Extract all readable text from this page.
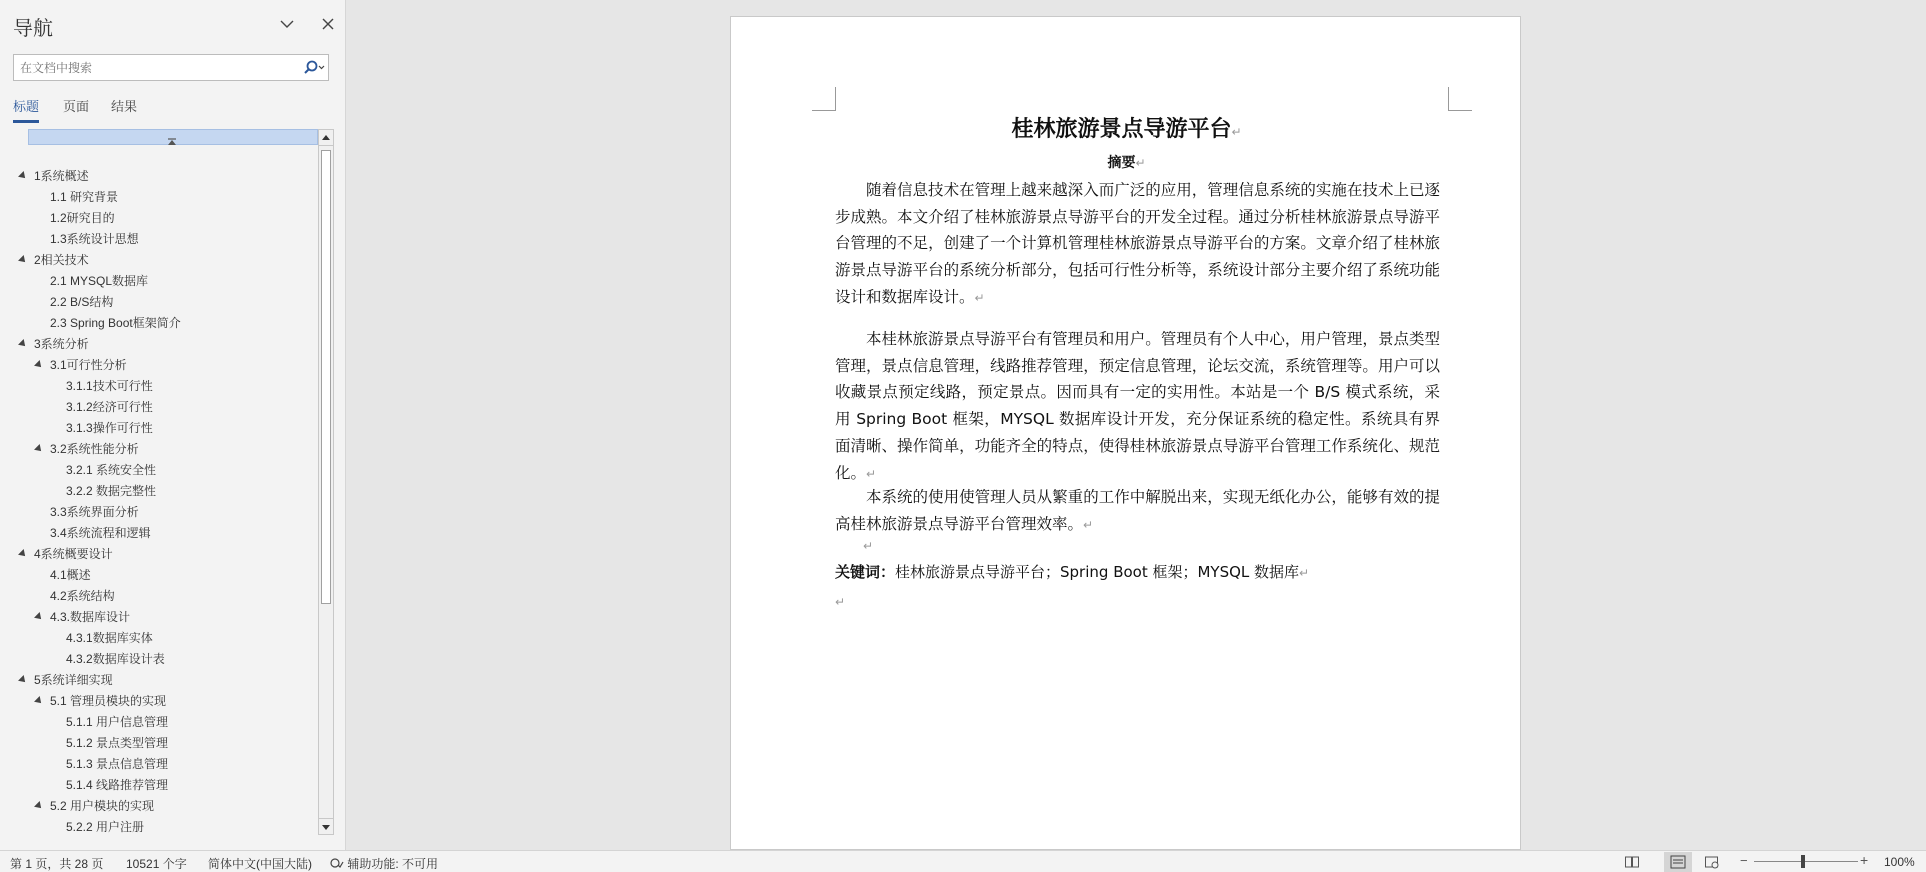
导航
在文档中搜索
标题 页面 结果
1系统概述
1.1 研究背景
1.2研究目的
1.3系统设计思想
2相关技术
2.1 MYSQL数据库
2.2 B/S结构
2.3 Spring Boot框架简介
3系统分析
3.1可行性分析
3.1.1技术可行性
3.1.2经济可行性
3.1.3操作可行性
3.2系统性能分析
3.2.1 系统安全性
3.2.2 数据完整性
3.3系统界面分析
3.4系统流程和逻辑
4系统概要设计
4.1概述
4.2系统结构
4.3.数据库设计
4.3.1数据库实体
4.3.2数据库设计表
5系统详细实现
5.1 管理员模块的实现
5.1.1 用户信息管理
5.1.2 景点类型管理
5.1.3 景点信息管理
5.1.4 线路推荐管理
5.2 用户模块的实现
5.2.2 用户注册
桂林旅游景点导游平台↵
摘要↵
随着信息技术在管理上越来越深入而广泛的应用，管理信息系统的实施在技术上已逐步成熟。本文介绍了桂林旅游景点导游平台的开发全过程。通过分析桂林旅游景点导游平台管理的不足，创建了一个计算机管理桂林旅游景点导游平台的方案。文章介绍了桂林旅游景点导游平台的系统分析部分，包括可行性分析等，系统设计部分主要介绍了系统功能设计和数据库设计。↵
本桂林旅游景点导游平台有管理员和用户。管理员有个人中心，用户管理，景点类型管理，景点信息管理，线路推荐管理，预定信息管理，论坛交流，系统管理等。用户可以收藏景点预定线路，预定景点。因而具有一定的实用性。本站是一个 B/S 模式系统，采用 Spring Boot 框架，MYSQL 数据库设计开发，充分保证系统的稳定性。系统具有界面清晰、操作简单，功能齐全的特点，使得桂林旅游景点导游平台管理工作系统化、规范化。↵
本系统的使用使管理人员从繁重的工作中解脱出来，实现无纸化办公，能够有效的提高桂林旅游景点导游平台管理效率。↵
↵
关键词：桂林旅游景点导游平台；Spring Boot 框架；MYSQL 数据库↵
↵
第 1 页，共 28 页 10521 个字 简体中文(中国大陆)	辅助功能: 不可用	−	+ 100%
